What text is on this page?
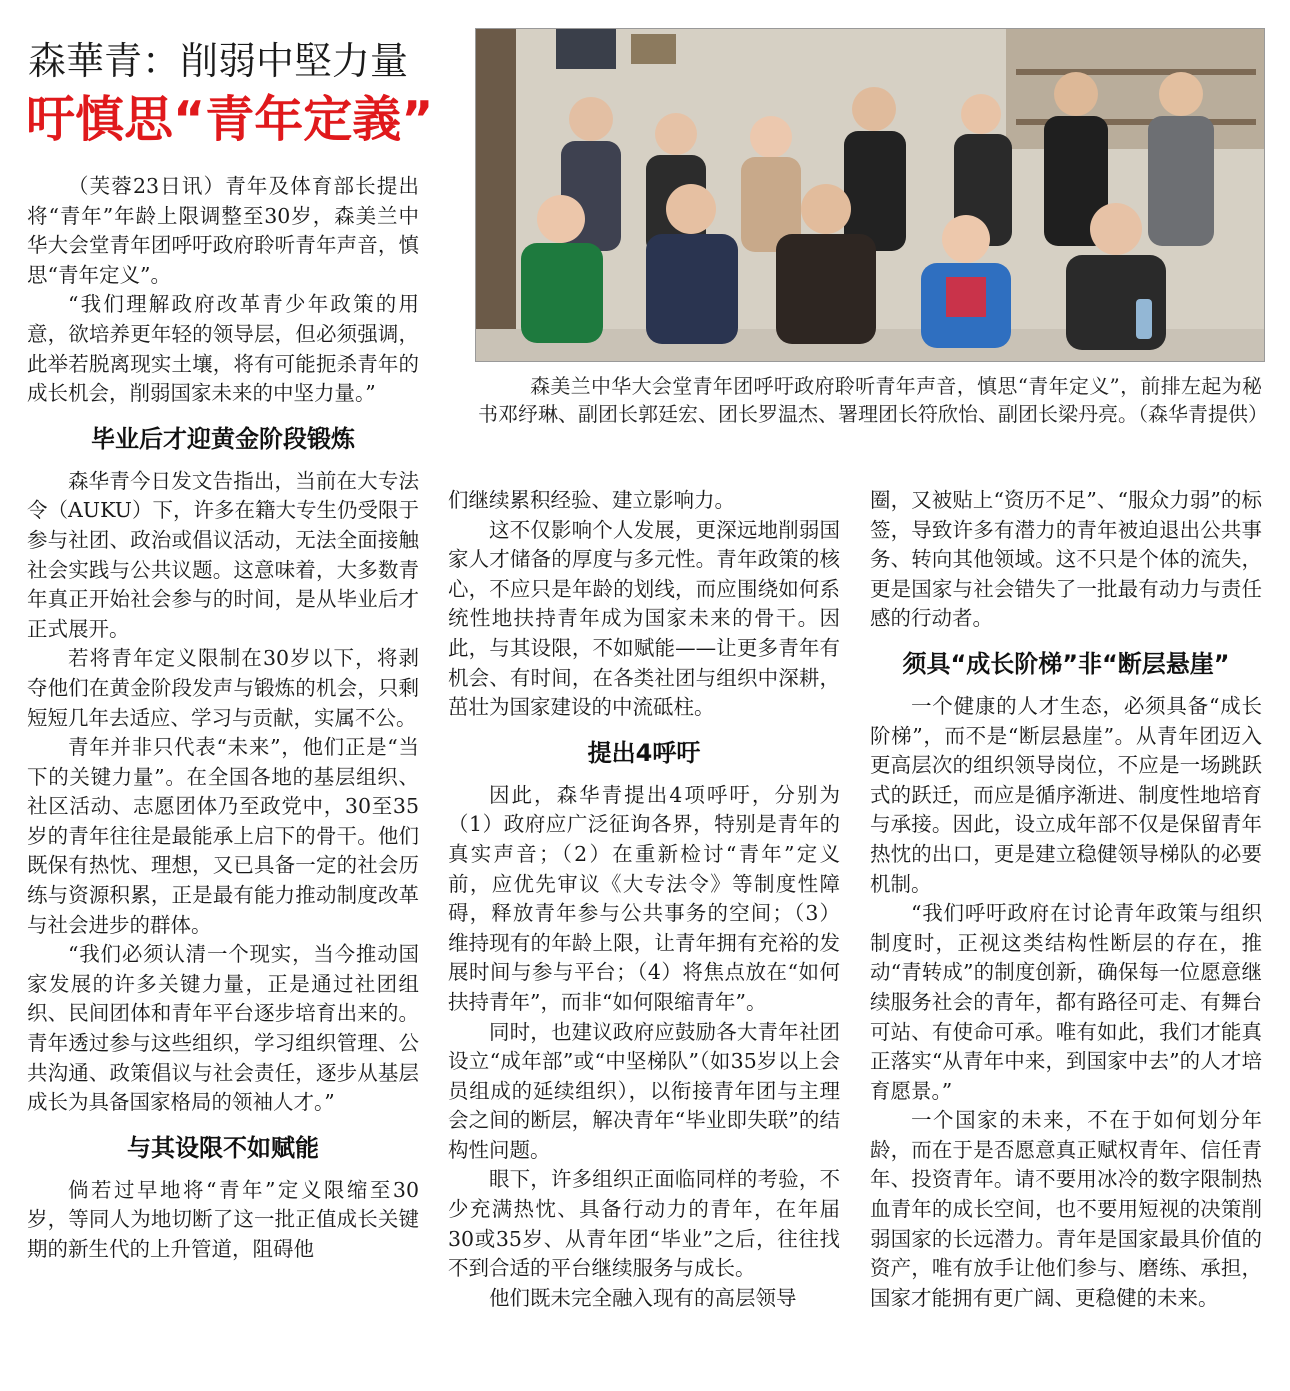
森華青：削弱中堅力量
吁慎思“青年定義”
森美兰中华大会堂青年团呼吁政府聆听青年声音，慎思“青年定义”，前排左起为秘书邓纾琳、副团长郭廷宏、团长罗温杰、署理团长符欣怡、副团长梁丹亮。（森华青提供）

（芙蓉23日讯）青年及体育部长提出将“青年”年龄上限调整至30岁，森美兰中华大会堂青年团呼吁政府聆听青年声音，慎思“青年定义”。

“我们理解政府改革青少年政策的用意，欲培养更年轻的领导层，但必须强调，此举若脱离现实土壤，将有可能扼杀青年的成长机会，削弱国家未来的中坚力量。”

毕业后才迎黄金阶段锻炼

森华青今日发文告指出，当前在大专法令（AUKU）下，许多在籍大专生仍受限于参与社团、政治或倡议活动，无法全面接触社会实践与公共议题。这意味着，大多数青年真正开始社会参与的时间，是从毕业后才正式展开。

若将青年定义限制在30岁以下，将剥夺他们在黄金阶段发声与锻炼的机会，只剩短短几年去适应、学习与贡献，实属不公。

青年并非只代表“未来”，他们正是“当下的关键力量”。在全国各地的基层组织、社区活动、志愿团体乃至政党中，30至35岁的青年往往是最能承上启下的骨干。他们既保有热忱、理想，又已具备一定的社会历练与资源积累，正是最有能力推动制度改革与社会进步的群体。

“我们必须认清一个现实，当今推动国家发展的许多关键力量，正是通过社团组织、民间团体和青年平台逐步培育出来的。青年透过参与这些组织，学习组织管理、公共沟通、政策倡议与社会责任，逐步从基层成长为具备国家格局的领袖人才。”

与其设限不如赋能

倘若过早地将“青年”定义限缩至30岁，等同人为地切断了这一批正值成长关键期的新生代的上升管道，阻碍他

们继续累积经验、建立影响力。

这不仅影响个人发展，更深远地削弱国家人才储备的厚度与多元性。青年政策的核心，不应只是年龄的划线，而应围绕如何系统性地扶持青年成为国家未来的骨干。因此，与其设限，不如赋能——让更多青年有机会、有时间，在各类社团与组织中深耕，茁壮为国家建设的中流砥柱。

提出4呼吁

因此，森华青提出4项呼吁，分别为（1）政府应广泛征询各界，特别是青年的真实声音；（2）在重新检讨“青年”定义前，应优先审议《大专法令》等制度性障碍，释放青年参与公共事务的空间；（3）维持现有的年龄上限，让青年拥有充裕的发展时间与参与平台；（4）将焦点放在“如何扶持青年”，而非“如何限缩青年”。

同时，也建议政府应鼓励各大青年社团设立“成年部”或“中坚梯队”（如35岁以上会员组成的延续组织），以衔接青年团与主理会之间的断层，解决青年“毕业即失联”的结构性问题。

眼下，许多组织正面临同样的考验，不少充满热忱、具备行动力的青年，在年届30或35岁、从青年团“毕业”之后，往往找不到合适的平台继续服务与成长。

他们既未完全融入现有的高层领导

圈，又被贴上“资历不足”、“服众力弱”的标签，导致许多有潜力的青年被迫退出公共事务、转向其他领域。这不只是个体的流失，更是国家与社会错失了一批最有动力与责任感的行动者。

须具“成长阶梯”非“断层悬崖”

一个健康的人才生态，必须具备“成长阶梯”，而不是“断层悬崖”。从青年团迈入更高层次的组织领导岗位，不应是一场跳跃式的跃迁，而应是循序渐进、制度性地培育与承接。因此，设立成年部不仅是保留青年热忱的出口，更是建立稳健领导梯队的必要机制。

“我们呼吁政府在讨论青年政策与组织制度时，正视这类结构性断层的存在，推动“青转成”的制度创新，确保每一位愿意继续服务社会的青年，都有路径可走、有舞台可站、有使命可承。唯有如此，我们才能真正落实“从青年中来，到国家中去”的人才培育愿景。”

一个国家的未来，不在于如何划分年龄，而在于是否愿意真正赋权青年、信任青年、投资青年。请不要用冰冷的数字限制热血青年的成长空间，也不要用短视的决策削弱国家的长远潜力。青年是国家最具价值的资产，唯有放手让他们参与、磨练、承担，国家才能拥有更广阔、更稳健的未来。
